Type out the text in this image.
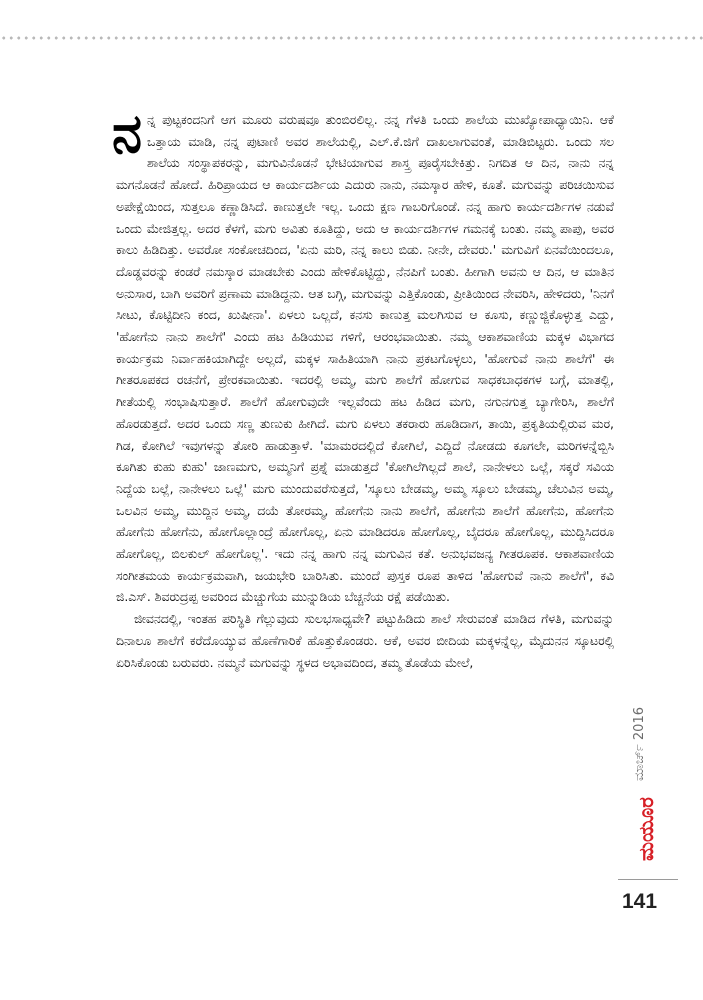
ನ ನ್ನ ಪುಟ್ಟಕಂದನಿಗೆ ಆಗ ಮೂರು ವರುಷವೂ ತುಂಬಿರಲಿಲ್ಲ. ನನ್ನ ಗೆಳತಿ ಒಂದು ಶಾಲೆಯ ಮುಖ್ಯೋಪಾಧ್ಯಾಯಿನಿ. ಆಕೆ ಒತ್ತಾಯ ಮಾಡಿ, ನನ್ನ ಪುಟಾಣಿ ಅವರ ಶಾಲೆಯಲ್ಲಿ, ಎಲ್.ಕೆ.ಜಿಗೆ ದಾಖಲಾಗುವಂತೆ, ಮಾಡಿಬಿಟ್ಟರು. ಒಂದು ಸಲ ಶಾಲೆಯ ಸಂಸ್ಥಾಪಕರನ್ನು, ಮಗುವಿನೊಡನೆ ಭೇಟಿಯಾಗುವ ಶಾಸ್ತ್ರ ಪೂರೈಸಬೇಕಿತ್ತು. ನಿಗದಿತ ಆ ದಿನ, ನಾನು ನನ್ನ ಮಗನೊಡನೆ ಹೋದೆ. ಹಿರಿಪ್ರಾಯದ ಆ ಕಾರ್ಯದರ್ಶಿಯ ಎದುರು ನಾನು, ನಮಸ್ಕಾರ ಹೇಳಿ, ಕೂತೆ. ಮಗುವನ್ನು ಪರಿಚಯಿಸುವ ಅಪೇಕ್ಷೆಯಿಂದ, ಸುತ್ತಲೂ ಕಣ್ಣಾಡಿಸಿದೆ. ಕಾಣುತ್ತಲೇ ಇಲ್ಲ. ಒಂದು ಕ್ಷಣ ಗಾಬರಿಗೊಂಡೆ. ನನ್ನ ಹಾಗು ಕಾರ್ಯದರ್ಶಿಗಳ ನಡುವೆ ಒಂದು ಮೇಜಿತ್ತಲ್ಲ. ಅದರ ಕೆಳಗೆ, ಮಗು ಅವಿತು ಕೂತಿದ್ದು, ಅದು ಆ ಕಾರ್ಯದರ್ಶಿಗಳ ಗಮನಕ್ಕೆ ಬಂತು. ನಮ್ಮ ಪಾಪು, ಅವರ ಕಾಲು ಹಿಡಿದಿತ್ತು. ಅವರೋ ಸಂಕೋಚದಿಂದ, 'ಏನು ಮರಿ, ನನ್ನ ಕಾಲು ಬಿಡು. ನೀನೇ, ದೇವರು.' ಮಗುವಿಗೆ ಏನವೆಯಿಂದಲೂ, ದೊಡ್ಡವರನ್ನು ಕಂಡರೆ ನಮಸ್ಕಾರ ಮಾಡಬೇಕು ಎಂದು ಹೇಳಿಕೊಟ್ಟಿದ್ದು, ನೆನಪಿಗೆ ಬಂತು. ಹೀಗಾಗಿ ಅವನು ಆ ದಿನ, ಆ ಮಾತಿನ ಅನುಸಾರ, ಬಾಗಿ ಅವರಿಗೆ ಪ್ರಣಾಮ ಮಾಡಿದ್ದನು. ಆತ ಬಗ್ಗಿ, ಮಗುವನ್ನು ಎತ್ತಿಕೊಂಡು, ಪ್ರೀತಿಯಿಂದ ನೇವರಿಸಿ, ಹೇಳಿದರು, 'ನಿನಗೆ ಸೀಟು, ಕೊಟ್ಟಿದೀನಿ ಕಂದ, ಖುಷೀನಾ'. ಏಳಲು ಒಲ್ಲದೆ, ಕನಸು ಕಾಣುತ್ತ ಮಲಗಿಸುವ ಆ ಕೂಸು, ಕಣ್ಣುಜ್ಜಿಕೊಳ್ಳುತ್ತ ಎದ್ದು, 'ಹೋಗೆನು ನಾನು ಶಾಲೆಗೆ' ಎಂದು ಹಟ ಹಿಡಿಯುವ ಗಳಿಗೆ, ಆರಂಭವಾಯಿತು. ನಮ್ಮ ಆಕಾಶವಾಣಿಯ ಮಕ್ಕಳ ವಿಭಾಗದ ಕಾರ್ಯಕ್ರಮ ನಿರ್ವಾಹಕಿಯಾಗಿದ್ದೇ ಅಲ್ಲದೆ, ಮಕ್ಕಳ ಸಾಹಿತಿಯಾಗಿ ನಾನು ಪ್ರಕಟಗೊಳ್ಳಲು, 'ಹೋಗುವೆ ನಾನು ಶಾಲೆಗೆ' ಈ ಗೀತರೂಪಕದ ರಚನೆಗೆ, ಪ್ರೇರಕವಾಯಿತು. ಇದರಲ್ಲಿ ಅಮ್ಮ, ಮಗು ಶಾಲೆಗೆ ಹೋಗುವ ಸಾಧಕಬಾಧಕಗಳ ಬಗ್ಗೆ, ಮಾತಲ್ಲಿ, ಗೀತೆಯಲ್ಲಿ ಸಂಭಾಷಿಸುತ್ತಾರೆ. ಶಾಲೆಗೆ ಹೋಗುವುದೇ ಇಲ್ಲವೆಂದು ಹಟ ಹಿಡಿದ ಮಗು, ನಗುನಗುತ್ತ ಬ್ಯಾಗೇರಿಸಿ, ಶಾಲೆಗೆ ಹೊರಡುತ್ತದೆ. ಅದರ ಒಂದು ಸಣ್ಣ ತುಣುಕು ಹೀಗಿದೆ. ಮಗು ಏಳಲು ತಕರಾರು ಹೂಡಿದಾಗ, ತಾಯಿ, ಪ್ರಕೃತಿಯಲ್ಲಿರುವ ಮರ, ಗಿಡ, ಕೋಗಿಲೆ ಇವುಗಳನ್ನು ತೋರಿ ಹಾಡುತ್ತಾಳೆ. 'ಮಾಮರದಲ್ಲಿದೆ ಕೋಗಿಲೆ, ಎದ್ದಿದೆ ನೋಡದು ಕೂಗಲೇ, ಮರಿಗಳನ್ನೆಬ್ಬಿಸಿ ಕೂಗಿತು ಕುಹು ಕುಹು' ಜಾಣಮಗು, ಅಮ್ಮನಿಗೆ ಪ್ರಶ್ನೆ ಮಾಡುತ್ತದೆ 'ಕೋಗಿಲೆಗಿಲ್ಲದೆ ಶಾಲೆ, ನಾನೇಳಲು ಒಲ್ಲೆ, ಸಕ್ಕರೆ ಸವಿಯ ನಿದ್ದೆಯ ಬಲ್ಲೆ, ನಾನೇಳಲು ಒಲ್ಲೆ' ಮಗು ಮುಂದುವರೆಸುತ್ತದೆ, 'ಸ್ಕೂಲು ಬೇಡಮ್ಮ, ಅಮ್ಮ ಸ್ಕೂಲು ಬೇಡಮ್ಮ, ಚೆಲುವಿನ ಅಮ್ಮ, ಒಲವಿನ ಅಮ್ಮ, ಮುದ್ದಿನ ಅಮ್ಮ, ದಯೆ ತೋರಮ್ಮ, ಹೋಗೆನು ನಾನು ಶಾಲೆಗೆ, ಹೋಗೆನು ಶಾಲೆಗೆ ಹೋಗೆನು, ಹೋಗೆನು ಹೋಗೆನು ಹೋಗೆನು, ಹೋಗೊಲ್ಲಾಂದ್ರೆ ಹೋಗೊಲ್ಲ, ಏನು ಮಾಡಿದರೂ ಹೋಗೊಲ್ಲ, ಬೈದರೂ ಹೋಗೊಲ್ಲ, ಮುದ್ದಿಸಿದರೂ ಹೋಗೊಲ್ಲ, ಬಿಲಕುಲ್ ಹೋಗೊಲ್ಲ'. ಇದು ನನ್ನ ಹಾಗು ನನ್ನ ಮಗುವಿನ ಕತೆ. ಅನುಭವಜನ್ಯ ಗೀತರೂಪಕ. ಆಕಾಶವಾಣಿಯ ಸಂಗೀತಮಯ ಕಾರ್ಯಕ್ರಮವಾಗಿ, ಜಯಭೇರಿ ಬಾರಿಸಿತು. ಮುಂದೆ ಪುಸ್ತಕ ರೂಪ ತಾಳಿದ 'ಹೋಗುವೆ ನಾನು ಶಾಲೆಗೆ', ಕವಿ ಜಿ.ಎಸ್. ಶಿವರುದ್ರಪ್ಪ ಅವರಿಂದ ಮೆಚ್ಚುಗೆಯ ಮುನ್ನುಡಿಯ ಬೆಚ್ಚನೆಯ ರಕ್ಷೆ ಪಡೆಯಿತು.

ಜೀವನದಲ್ಲಿ, ಇಂತಹ ಪರಿಸ್ಥಿತಿ ಗೆಲ್ಲುವುದು ಸುಲಭಸಾಧ್ಯವೇ? ಪಟ್ಟುಹಿಡಿದು ಶಾಲೆ ಸೇರುವಂತೆ ಮಾಡಿದ ಗೆಳತಿ, ಮಗುವನ್ನು ದಿನಾಲೂ ಶಾಲೆಗೆ ಕರೆದೊಯ್ಯುವ ಹೊಣೆಗಾರಿಕೆ ಹೊತ್ತುಕೊಂಡರು. ಆಕೆ, ಅವರ ಬೀದಿಯ ಮಕ್ಕಳನ್ನೆಲ್ಲ, ಮೈದುನನ ಸ್ಕೂಟರಲ್ಲಿ ಏರಿಸಿಕೊಂಡು ಬರುವರು. ನಮ್ಮನೆ ಮಗುವನ್ನು ಸ್ಥಳದ ಅಭಾವದಿಂದ, ತಮ್ಮ ತೊಡೆಯ ಮೇಲೆ,

ಮಾರ್ಚ್ 2016
ಮಯೂರ
141
